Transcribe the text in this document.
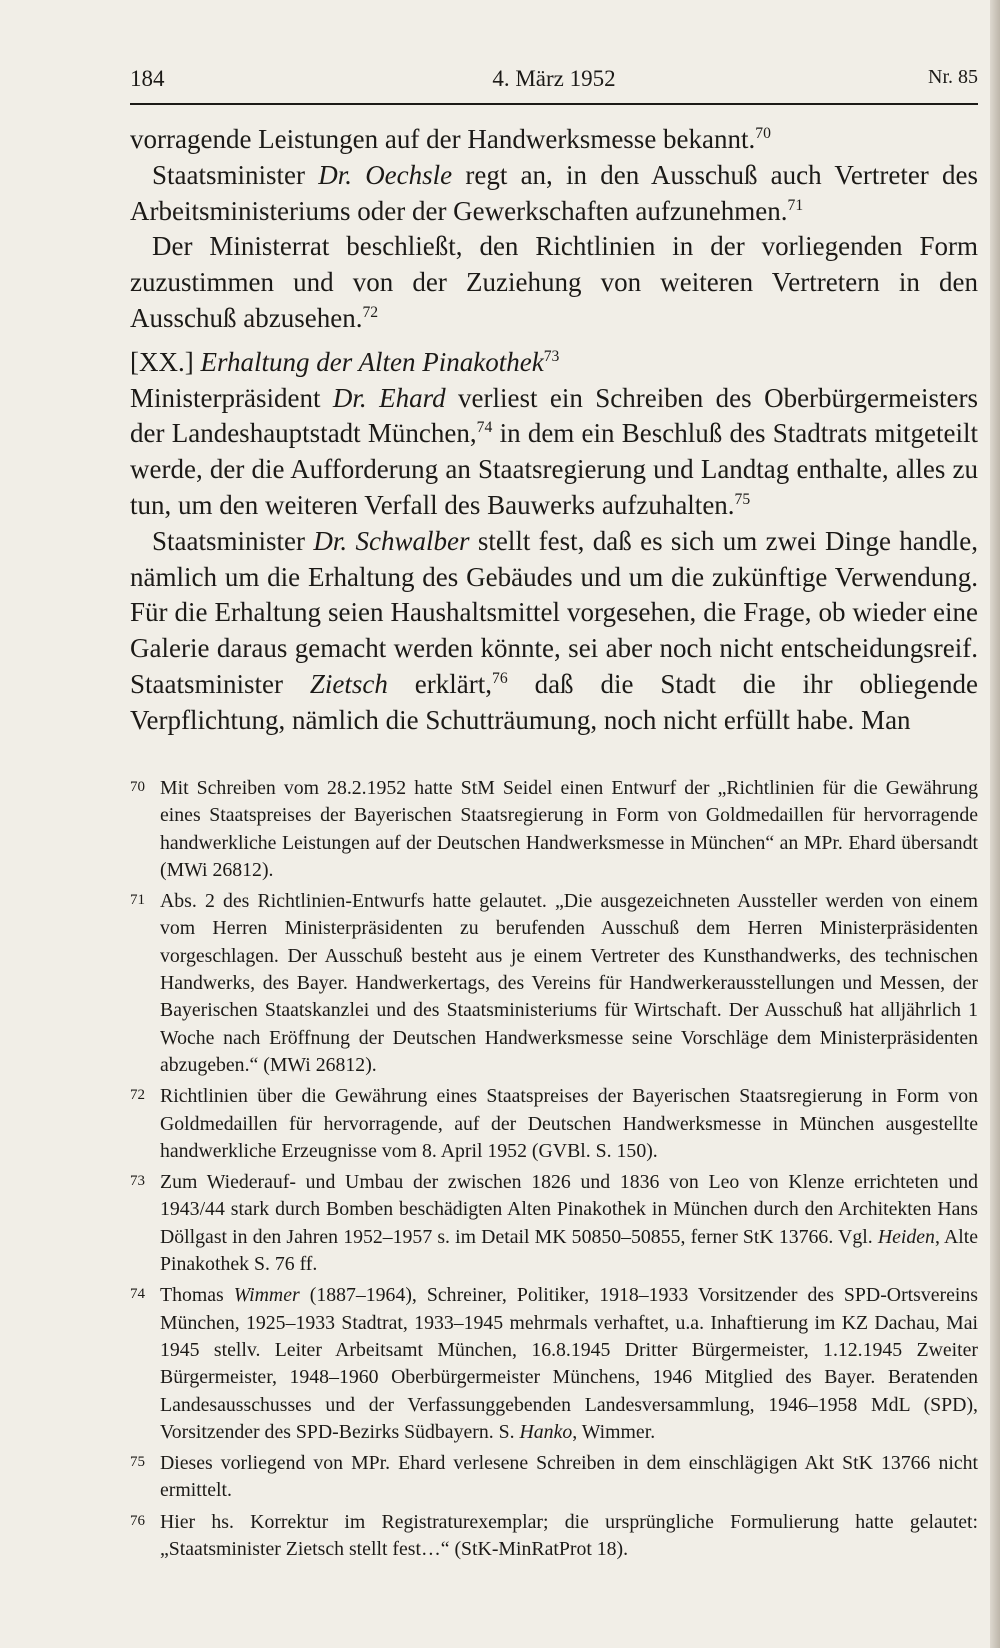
184	4. März 1952	Nr. 85

vorragende Leistungen auf der Handwerksmesse bekannt.$^{70}$

Staatsminister Dr. Oechsle regt an, in den Ausschuß auch Vertreter des Arbeitsministeriums oder der Gewerkschaften aufzunehmen.$^{71}$

Der Ministerrat beschließt, den Richtlinien in der vorliegenden Form zuzustimmen und von der Zuziehung von weiteren Vertretern in den Ausschuß abzusehen.$^{72}$

[XX.] Erhaltung der Alten Pinakothek$^{73}$

Ministerpräsident Dr. Ehard verliest ein Schreiben des Oberbürgermeisters der Landeshauptstadt München,$^{74}$ in dem ein Beschluß des Stadtrats mitgeteilt werde, der die Aufforderung an Staatsregierung und Landtag enthalte, alles zu tun, um den weiteren Verfall des Bauwerks aufzuhalten.$^{75}$

Staatsminister Dr. Schwalber stellt fest, daß es sich um zwei Dinge handle, nämlich um die Erhaltung des Gebäudes und um die zukünftige Verwendung. Für die Erhaltung seien Haushaltsmittel vorgesehen, die Frage, ob wieder eine Galerie daraus gemacht werden könnte, sei aber noch nicht entscheidungsreif. Staatsminister Zietsch erklärt,$^{76}$ daß die Stadt die ihr obliegende Verpflichtung, nämlich die Schutträumung, noch nicht erfüllt habe. Man

70 Mit Schreiben vom 28.2.1952 hatte StM Seidel einen Entwurf der „Richtlinien für die Gewährung eines Staatspreises der Bayerischen Staatsregierung in Form von Goldmedaillen für hervorragende handwerkliche Leistungen auf der Deutschen Handwerksmesse in München“ an MPr. Ehard übersandt (MWi 26812).
71 Abs. 2 des Richtlinien-Entwurfs hatte gelautet. „Die ausgezeichneten Aussteller werden von einem vom Herren Ministerpräsidenten zu berufenden Ausschuß dem Herren Ministerpräsidenten vorgeschlagen. Der Ausschuß besteht aus je einem Vertreter des Kunsthandwerks, des technischen Handwerks, des Bayer. Handwerkertags, des Vereins für Handwerkerausstellungen und Messen, der Bayerischen Staatskanzlei und des Staatsministeriums für Wirtschaft. Der Ausschuß hat alljährlich 1 Woche nach Eröffnung der Deutschen Handwerksmesse seine Vorschläge dem Ministerpräsidenten abzugeben.“ (MWi 26812).
72 Richtlinien über die Gewährung eines Staatspreises der Bayerischen Staatsregierung in Form von Goldmedaillen für hervorragende, auf der Deutschen Handwerksmesse in München ausgestellte handwerkliche Erzeugnisse vom 8. April 1952 (GVBl. S. 150).
73 Zum Wiederauf- und Umbau der zwischen 1826 und 1836 von Leo von Klenze errichteten und 1943/44 stark durch Bomben beschädigten Alten Pinakothek in München durch den Architekten Hans Döllgast in den Jahren 1952–1957 s. im Detail MK 50850–50855, ferner StK 13766. Vgl. Heiden, Alte Pinakothek S. 76 ff.
74 Thomas Wimmer (1887–1964), Schreiner, Politiker, 1918–1933 Vorsitzender des SPD-Ortsvereins München, 1925–1933 Stadtrat, 1933–1945 mehrmals verhaftet, u.a. Inhaftierung im KZ Dachau, Mai 1945 stellv. Leiter Arbeitsamt München, 16.8.1945 Dritter Bürgermeister, 1.12.1945 Zweiter Bürgermeister, 1948–1960 Oberbürgermeister Münchens, 1946 Mitglied des Bayer. Beratenden Landesausschusses und der Verfassunggebenden Landesversammlung, 1946–1958 MdL (SPD), Vorsitzender des SPD-Bezirks Südbayern. S. Hanko, Wimmer.
75 Dieses vorliegend von MPr. Ehard verlesene Schreiben in dem einschlägigen Akt StK 13766 nicht ermittelt.
76 Hier hs. Korrektur im Registraturexemplar; die ursprüngliche Formulierung hatte gelautet: „Staatsminister Zietsch stellt fest…“ (StK-MinRatProt 18).
